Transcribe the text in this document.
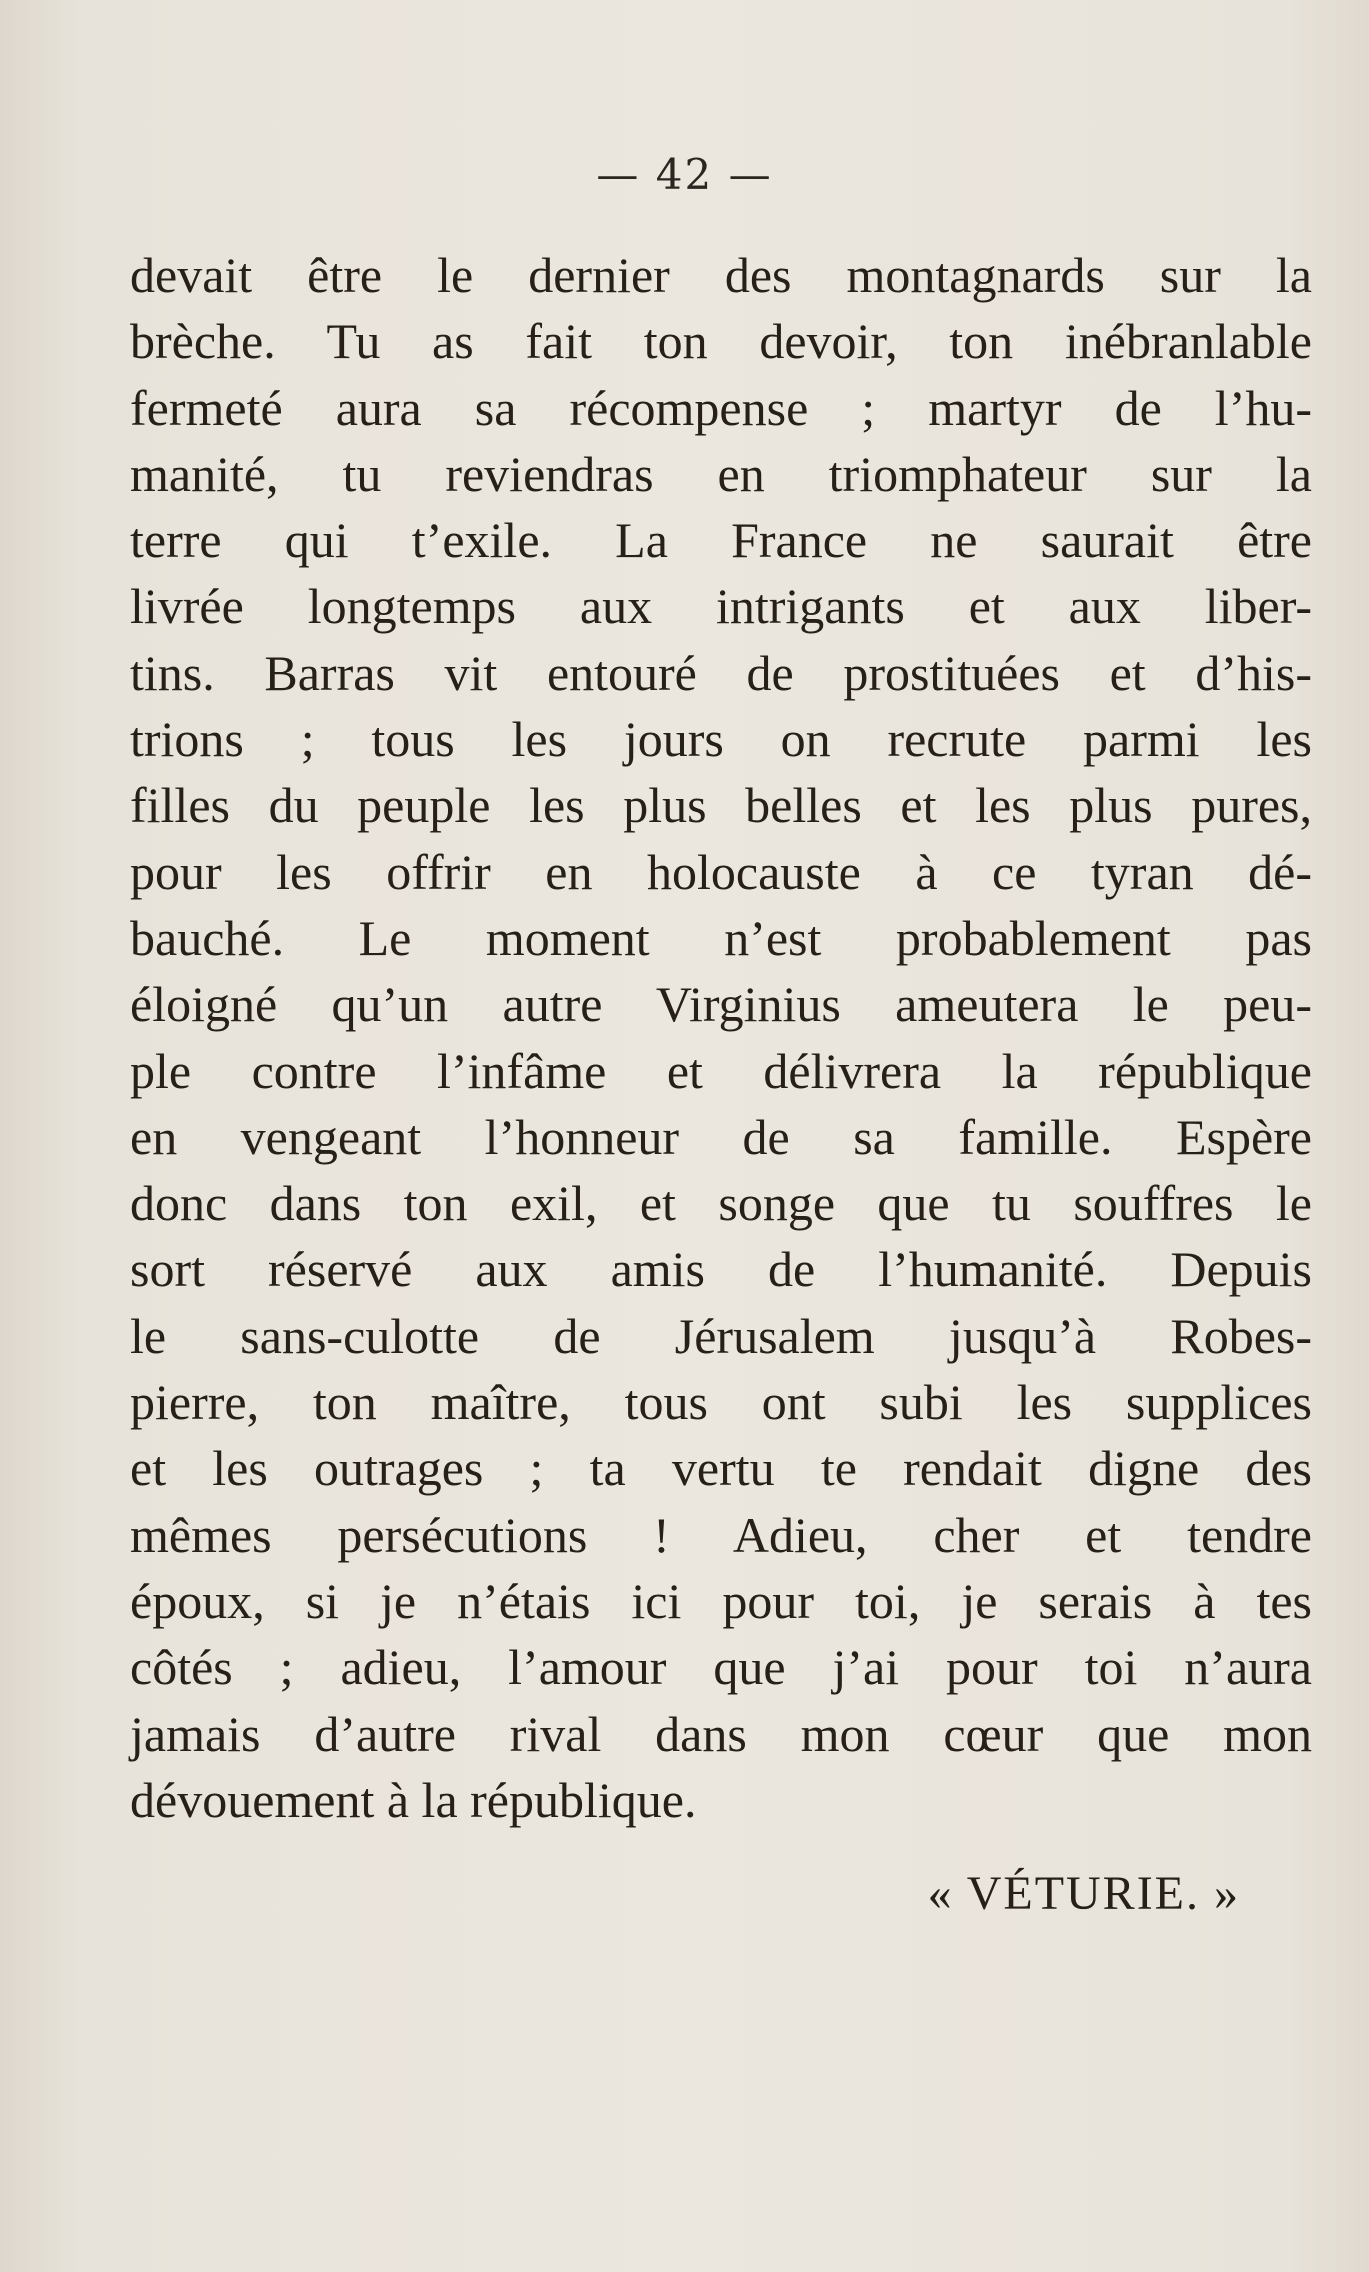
— 42 —
devait être le dernier des montagnards sur la
brèche. Tu as fait ton devoir, ton inébranlable
fermeté aura sa récompense ; martyr de l’hu-
manité, tu reviendras en triomphateur sur la
terre qui t’exile. La France ne saurait être
livrée longtemps aux intrigants et aux liber-
tins. Barras vit entouré de prostituées et d’his-
trions ; tous les jours on recrute parmi les
filles du peuple les plus belles et les plus pures,
pour les offrir en holocauste à ce tyran dé-
bauché. Le moment n’est probablement pas
éloigné qu’un autre Virginius ameutera le peu-
ple contre l’infâme et délivrera la république
en vengeant l’honneur de sa famille. Espère
donc dans ton exil, et songe que tu souffres le
sort réservé aux amis de l’humanité. Depuis
le sans-culotte de Jérusalem jusqu’à Robes-
pierre, ton maître, tous ont subi les supplices
et les outrages ; ta vertu te rendait digne des
mêmes persécutions ! Adieu, cher et tendre
époux, si je n’étais ici pour toi, je serais à tes
côtés ; adieu, l’amour que j’ai pour toi n’aura
jamais d’autre rival dans mon cœur que mon
dévouement à la république.
« VÉTURIE. »
